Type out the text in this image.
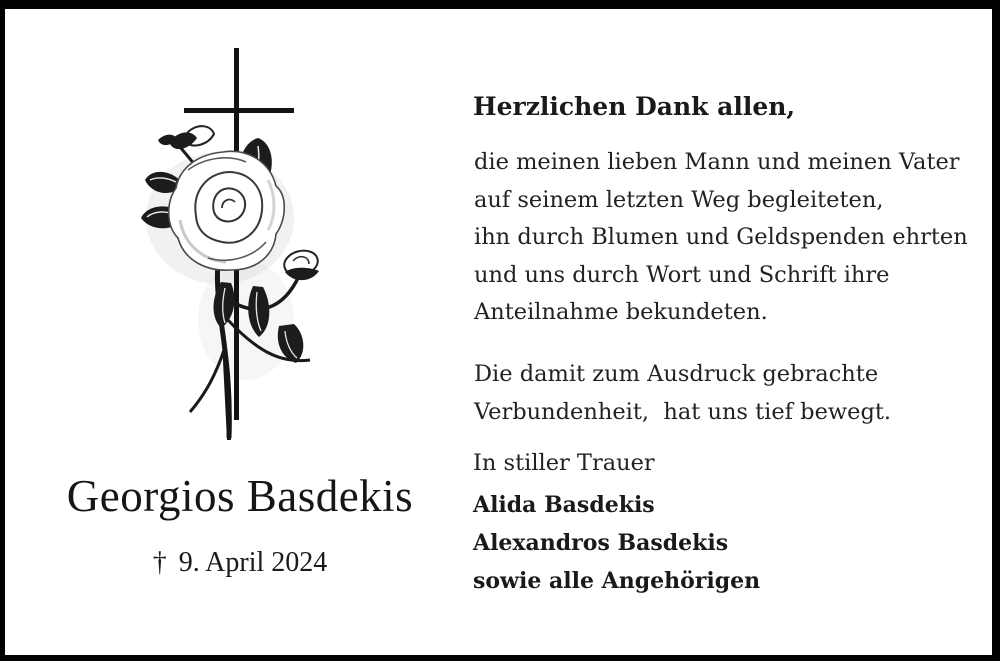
Georgios Basdekis
† 9. April 2024
Herzlichen Dank allen,
die meinen lieben Mann und meinen Vater
auf seinem letzten Weg begleiteten,
ihn durch Blumen und Geldspenden ehrten
und uns durch Wort und Schrift ihre
Anteilnahme bekundeten.
Die damit zum Ausdruck gebrachte
Verbundenheit,  hat uns tief bewegt.
In stiller Trauer
Alida Basdekis
Alexandros Basdekis
sowie alle Angehörigen
